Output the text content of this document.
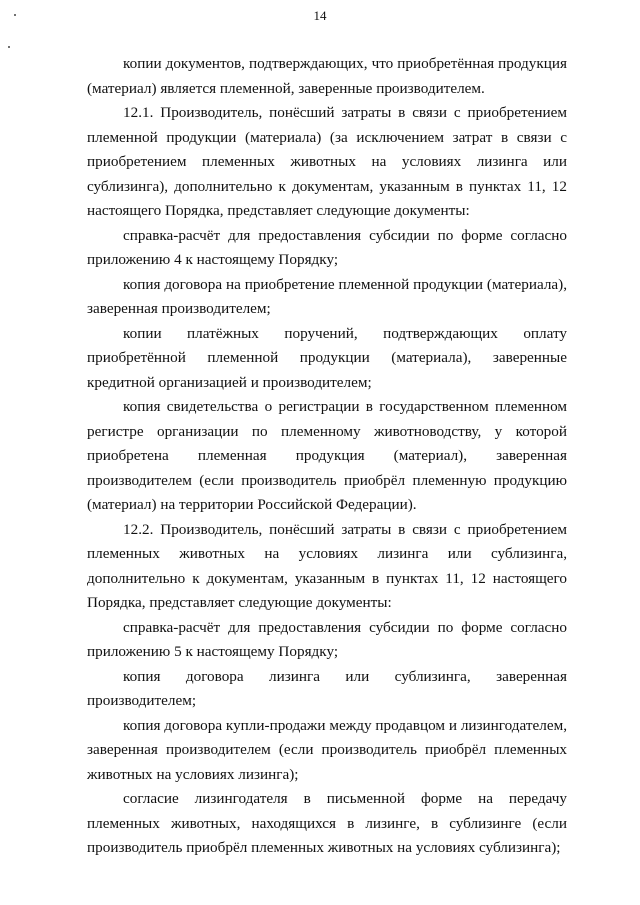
14

копии документов, подтверждающих, что приобретённая продукция (материал) является племенной, заверенные производителем.

12.1. Производитель, понёсший затраты в связи с приобретением племенной продукции (материала) (за исключением затрат в связи с приобретением племенных животных на условиях лизинга или сублизинга), дополнительно к документам, указанным в пунктах 11, 12 настоящего Порядка, представляет следующие документы:

справка-расчёт для предоставления субсидии по форме согласно приложению 4 к настоящему Порядку;

копия договора на приобретение племенной продукции (материала), заверенная производителем;

копии платёжных поручений, подтверждающих оплату приобретённой племенной продукции (материала), заверенные кредитной организацией и производителем;

копия свидетельства о регистрации в государственном племенном регистре организации по племенному животноводству, у которой приобретена племенная продукция (материал), заверенная производителем (если производитель приобрёл племенную продукцию (материал) на территории Российской Федерации).

12.2. Производитель, понёсший затраты в связи с приобретением племенных животных на условиях лизинга или сублизинга, дополнительно к документам, указанным в пунктах 11, 12 настоящего Порядка, представляет следующие документы:

справка-расчёт для предоставления субсидии по форме согласно приложению 5 к настоящему Порядку;

копия договора лизинга или сублизинга, заверенная производителем;

копия договора купли-продажи между продавцом и лизингодателем, заверенная производителем (если производитель приобрёл племенных животных на условиях лизинга);

согласие лизингодателя в письменной форме на передачу племенных животных, находящихся в лизинге, в сублизинге (если производитель приобрёл племенных животных на условиях сублизинга);
